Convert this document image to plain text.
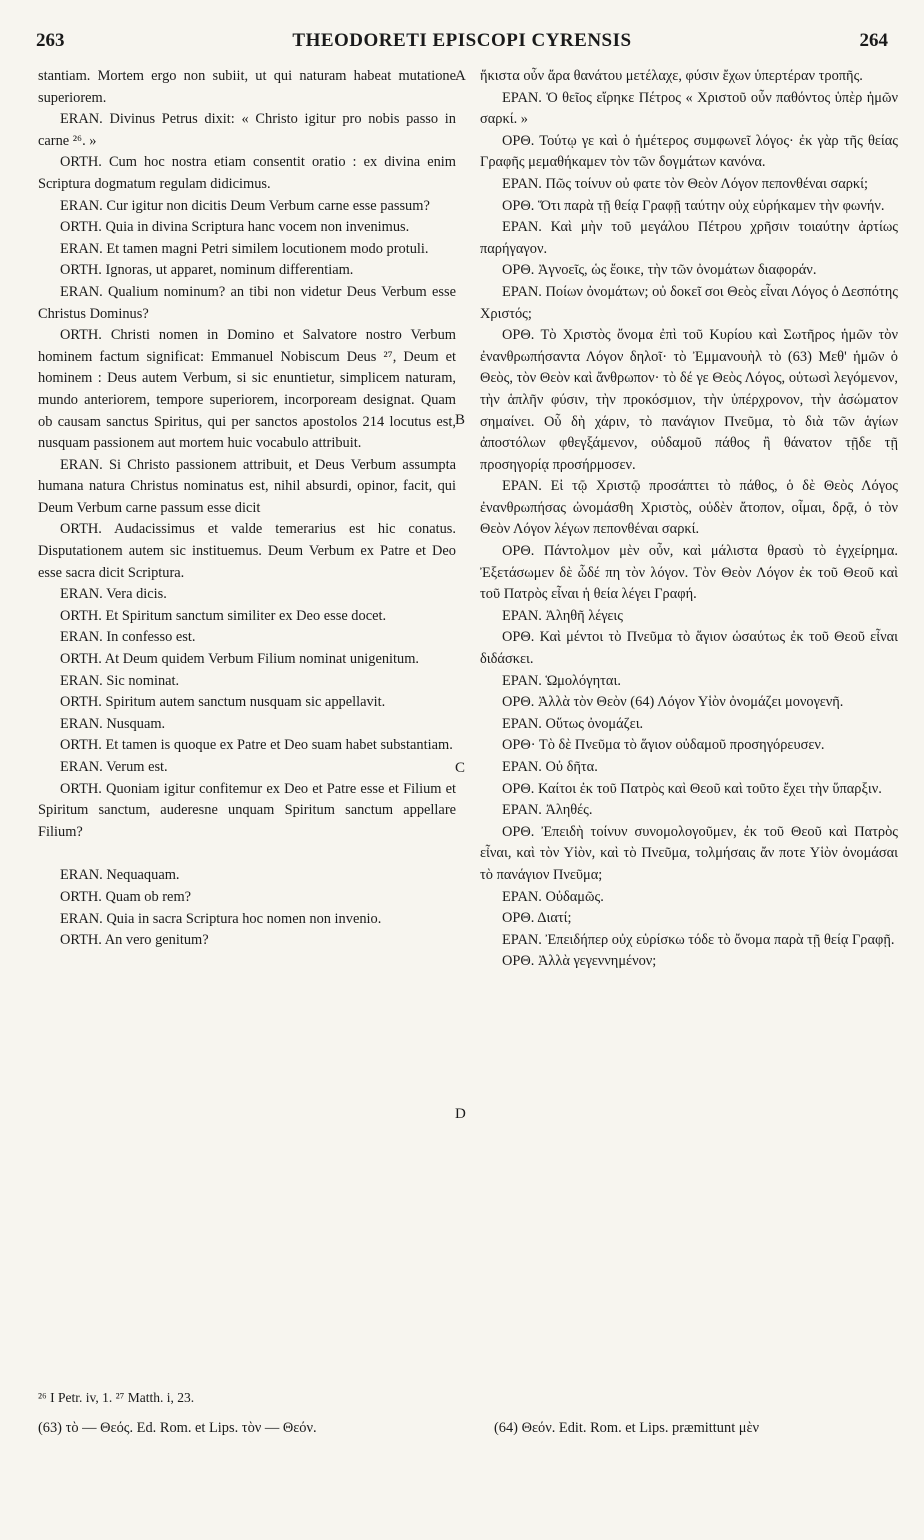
263	THEODORETI EPISCOPI CYRENSIS	264
A
B
C
D

stantiam. Mortem ergo non subiit, ut qui naturam habeat mutatione superiorem.

ERAN. Divinus Petrus dixit: « Christo igitur pro nobis passo in carne ²⁶. »

ORTH. Cum hoc nostra etiam consentit oratio : ex divina enim Scriptura dogmatum regulam didicimus.

ERAN. Cur igitur non dicitis Deum Verbum carne esse passum?

ORTH. Quia in divina Scriptura hanc vocem non invenimus.

ERAN. Et tamen magni Petri similem locutionem modo protuli.

ORTH. Ignoras, ut apparet, nominum differentiam.

ERAN. Qualium nominum? an tibi non videtur Deus Verbum esse Christus Dominus?

ORTH. Christi nomen in Domino et Salvatore nostro Verbum hominem factum significat: Emmanuel Nobiscum Deus ²⁷, Deum et hominem : Deus autem Verbum, si sic enuntietur, simplicem naturam, mundo anteriorem, tempore superiorem, incorpoream designat. Quam ob causam sanctus Spiritus, qui per sanctos apostolos 214 locutus est, nusquam passionem aut mortem huic vocabulo attribuit.

ERAN. Si Christo passionem attribuit, et Deus Verbum assumpta humana natura Christus nominatus est, nihil absurdi, opinor, facit, qui Deum Verbum carne passum esse dicit

ORTH. Audacissimus et valde temerarius est hic conatus. Disputationem autem sic instituemus. Deum Verbum ex Patre et Deo esse sacra dicit Scriptura.

ERAN. Vera dicis.

ORTH. Et Spiritum sanctum similiter ex Deo esse docet.

ERAN. In confesso est.

ORTH. At Deum quidem Verbum Filium nominat unigenitum.

ERAN. Sic nominat.

ORTH. Spiritum autem sanctum nusquam sic appellavit.

ERAN. Nusquam.

ORTH. Et tamen is quoque ex Patre et Deo suam habet substantiam.

ERAN. Verum est.

ORTH. Quoniam igitur confitemur ex Deo et Patre esse et Filium et Spiritum sanctum, auderesne unquam Spiritum sanctum appellare Filium?

ERAN. Nequaquam.

ORTH. Quam ob rem?

ERAN. Quia in sacra Scriptura hoc nomen non invenio.

ORTH. An vero genitum?

ἥκιστα οὖν ἄρα θανάτου μετέλαχε, φύσιν ἔχων ὑπερτέραν τροπῆς.

ΕΡΑΝ. Ὁ θεῖος εἴρηκε Πέτρος « Χριστοῦ οὖν παθόντος ὑπὲρ ἡμῶν σαρκί. »

ΟΡΘ. Τούτῳ γε καὶ ὁ ἡμέτερος συμφωνεῖ λόγος· ἐκ γὰρ τῆς θείας Γραφῆς μεμαθήκαμεν τὸν τῶν δογμάτων κανόνα.

ΕΡΑΝ. Πῶς τοίνυν οὐ φατε τὸν Θεὸν Λόγον πεπονθέναι σαρκί;

ΟΡΘ. Ὅτι παρὰ τῇ θείᾳ Γραφῇ ταύτην οὐχ εὑρήκαμεν τὴν φωνήν.

ΕΡΑΝ. Καὶ μὴν τοῦ μεγάλου Πέτρου χρῆσιν τοιαύτην ἀρτίως παρήγαγον.

ΟΡΘ. Ἀγνοεῖς, ὡς ἔοικε, τὴν τῶν ὀνομάτων διαφοράν.

ΕΡΑΝ. Ποίων ὀνομάτων; οὐ δοκεῖ σοι Θεὸς εἶναι Λόγος ὁ Δεσπότης Χριστός;

ΟΡΘ. Τὸ Χριστὸς ὄνομα ἐπὶ τοῦ Κυρίου καὶ Σωτῆρος ἡμῶν τὸν ἐνανθρωπήσαντα Λόγον δηλοῖ· τὸ Ἐμμανουὴλ τὸ (63) Μεθ' ἡμῶν ὁ Θεὸς, τὸν Θεὸν καὶ ἄνθρωπον· τὸ δέ γε Θεὸς Λόγος, οὑτωσὶ λεγόμενον, τὴν ἁπλῆν φύσιν, τὴν προκόσμιον, τὴν ὑπέρχρονον, τὴν ἀσώματον σημαίνει. Οὗ δὴ χάριν, τὸ πανάγιον Πνεῦμα, τὸ διὰ τῶν ἁγίων ἀποστόλων φθεγξάμενον, οὐδαμοῦ πάθος ἢ θάνατον τῇδε τῇ προσηγορίᾳ προσήρμοσεν.

ΕΡΑΝ. Εἰ τῷ Χριστῷ προσάπτει τὸ πάθος, ὁ δὲ Θεὸς Λόγος ἐνανθρωπήσας ὠνομάσθη Χριστὸς, οὐδὲν ἄτοπον, οἶμαι, δρᾷ, ὁ τὸν Θεὸν Λόγον λέγων πεπονθέναι σαρκί.

ΟΡΘ. Πάντολμον μὲν οὖν, καὶ μάλιστα θρασὺ τὸ ἐγχείρημα. Ἐξετάσωμεν δὲ ὧδέ πη τὸν λόγον. Τὸν Θεὸν Λόγον ἐκ τοῦ Θεοῦ καὶ τοῦ Πατρὸς εἶναι ἡ θεία λέγει Γραφή.

ΕΡΑΝ. Ἀληθῆ λέγεις

ΟΡΘ. Καὶ μέντοι τὸ Πνεῦμα τὸ ἅγιον ὡσαύτως ἐκ τοῦ Θεοῦ εἶναι διδάσκει.

ΕΡΑΝ. Ὡμολόγηται.

ΟΡΘ. Ἀλλὰ τὸν Θεὸν (64) Λόγον Υἱὸν ὀνομάζει μονογενῆ.

ΕΡΑΝ. Οὕτως ὀνομάζει.

ΟΡΘ· Τὸ δὲ Πνεῦμα τὸ ἅγιον οὐδαμοῦ προσηγόρευσεν.

ΕΡΑΝ. Οὐ δῆτα.

ΟΡΘ. Καίτοι ἐκ τοῦ Πατρὸς καὶ Θεοῦ καὶ τοῦτο ἔχει τὴν ὕπαρξιν.

ΕΡΑΝ. Ἀληθές.

ΟΡΘ. Ἐπειδὴ τοίνυν συνομολογοῦμεν, ἐκ τοῦ Θεοῦ καὶ Πατρὸς εἶναι, καὶ τὸν Υἱὸν, καὶ τὸ Πνεῦμα, τολμήσαις ἄν ποτε Υἱὸν ὀνομάσαι τὸ πανάγιον Πνεῦμα;

ΕΡΑΝ. Οὐδαμῶς.

ΟΡΘ. Διατί;

ΕΡΑΝ. Ἐπειδήπερ οὐχ εὑρίσκω τόδε τὸ ὄνομα παρὰ τῇ θείᾳ Γραφῇ.

ΟΡΘ. Ἀλλὰ γεγεννημένον;

²⁶ I Petr. iv, 1. ²⁷ Matth. i, 23.
(63) τὸ — Θεός. Ed. Rom. et Lips. τὸν — Θεόν.	(64) Θεόν. Edit. Rom. et Lips. præmittunt μὲν
